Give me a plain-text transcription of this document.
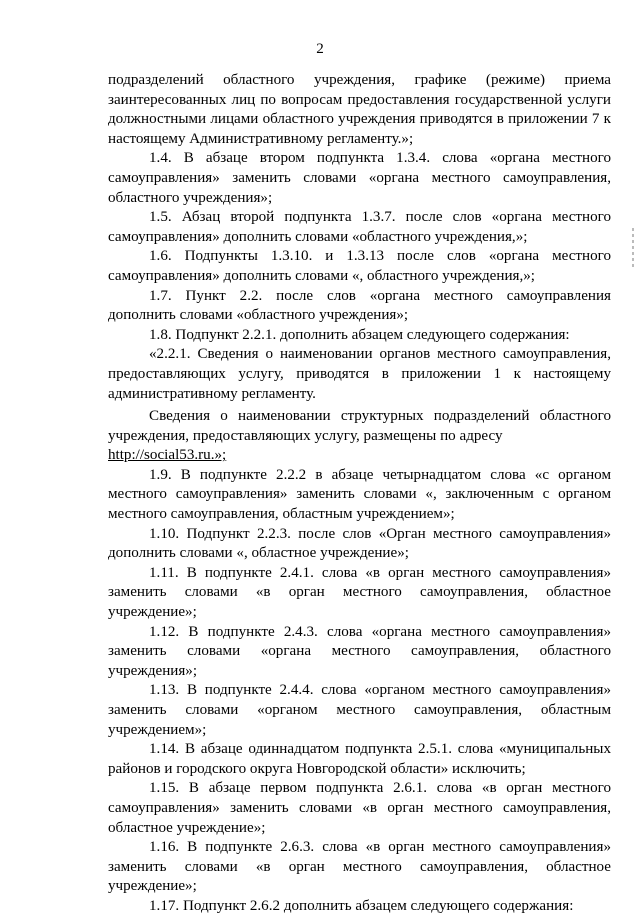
2
подразделений областного учреждения, графике (режиме) приема
заинтересованных лиц по вопросам предоставления государственной услуги
должностными лицами областного учреждения приводятся в приложении 7 к
настоящему Административному регламенту.»;
1.4. В абзаце втором подпункта 1.3.4. слова «органа местного
самоуправления» заменить словами «органа местного самоуправления,
областного учреждения»;
1.5. Абзац второй подпункта 1.3.7. после слов «органа местного
самоуправления» дополнить словами «областного учреждения,»;
1.6. Подпункты 1.3.10. и 1.3.13 после слов «органа местного
самоуправления» дополнить словами «, областного учреждения,»;
1.7. Пункт 2.2. после слов «органа местного самоуправления
дополнить словами «областного учреждения»;
1.8. Подпункт 2.2.1. дополнить абзацем следующего содержания:
«2.2.1. Сведения о наименовании органов местного самоуправления,
предоставляющих услугу, приводятся в приложении 1 к настоящему
административному регламенту.
Сведения о наименовании структурных подразделений областного
учреждения, предоставляющих услугу, размещены по адресу
http://social53.ru.»;
1.9. В подпункте 2.2.2 в абзаце четырнадцатом слова «с органом
местного самоуправления» заменить словами «, заключенным с органом
местного самоуправления, областным учреждением»;
1.10. Подпункт 2.2.3. после слов «Орган местного самоуправления»
дополнить словами «, областное учреждение»;
1.11. В подпункте 2.4.1. слова «в орган местного самоуправления»
заменить словами «в орган местного самоуправления, областное
учреждение»;
1.12. В подпункте 2.4.3. слова «органа местного самоуправления»
заменить словами «органа местного самоуправления, областного
учреждения»;
1.13. В подпункте 2.4.4. слова «органом местного самоуправления»
заменить словами «органом местного самоуправления, областным
учреждением»;
1.14. В абзаце одиннадцатом подпункта 2.5.1. слова «муниципальных
районов и городского округа Новгородской области» исключить;
1.15. В абзаце первом подпункта 2.6.1. слова «в орган местного
самоуправления» заменить словами «в орган местного самоуправления,
областное учреждение»;
1.16. В подпункте 2.6.3. слова «в орган местного самоуправления»
заменить словами «в орган местного самоуправления, областное
учреждение»;
1.17. Подпункт 2.6.2 дополнить абзацем следующего содержания:
